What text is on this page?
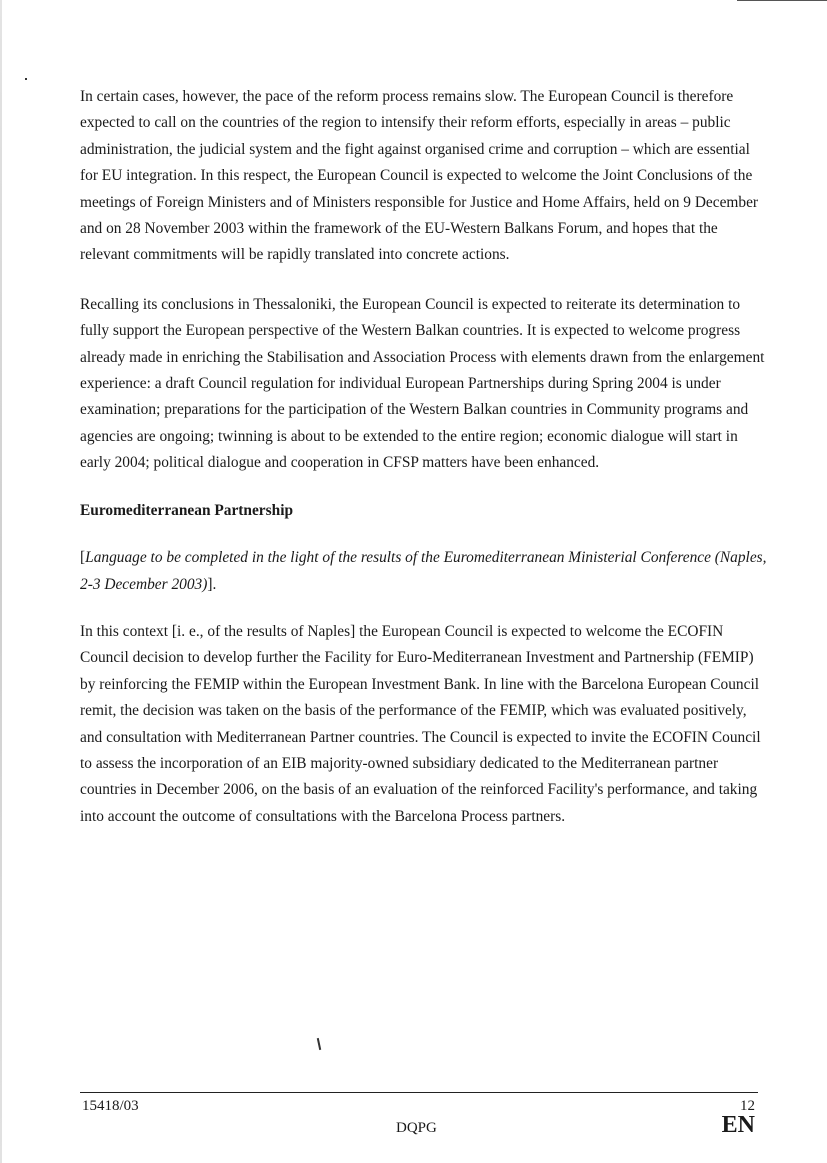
In certain cases, however, the pace of the reform process remains slow. The European Council is therefore expected to call on the countries of the region to intensify their reform efforts, especially in areas – public administration, the judicial system and the fight against organised crime and corruption – which are essential for EU integration. In this respect, the European Council is expected to welcome the Joint Conclusions of the meetings of Foreign Ministers and of Ministers responsible for Justice and Home Affairs, held on 9 December and on 28 November 2003 within the framework of the EU-Western Balkans Forum, and hopes that the relevant commitments will be rapidly translated into concrete actions.

Recalling its conclusions in Thessaloniki, the European Council is expected to reiterate its determination to fully support the European perspective of the Western Balkan countries. It is expected to welcome progress already made in enriching the Stabilisation and Association Process with elements drawn from the enlargement experience: a draft Council regulation for individual European Partnerships during Spring 2004 is under examination; preparations for the participation of the Western Balkan countries in Community programs and agencies are ongoing; twinning is about to be extended to the entire region; economic dialogue will start in early 2004; political dialogue and cooperation in CFSP matters have been enhanced.

Euromediterranean Partnership

[Language to be completed in the light of the results of the Euromediterranean Ministerial Conference (Naples, 2-3 December 2003)].

In this context [i. e., of the results of Naples] the European Council is expected to welcome the ECOFIN Council decision to develop further the Facility for Euro-Mediterranean Investment and Partnership (FEMIP) by reinforcing the FEMIP within the European Investment Bank. In line with the Barcelona European Council remit, the decision was taken on the basis of the performance of the FEMIP, which was evaluated positively, and consultation with Mediterranean Partner countries. The Council is expected to invite the ECOFIN Council to assess the incorporation of an EIB majority-owned subsidiary dedicated to the Mediterranean partner countries in December 2006, on the basis of an evaluation of the reinforced Facility's performance, and taking into account the outcome of consultations with the Barcelona Process partners.

15418/03
DQPG
12
EN
